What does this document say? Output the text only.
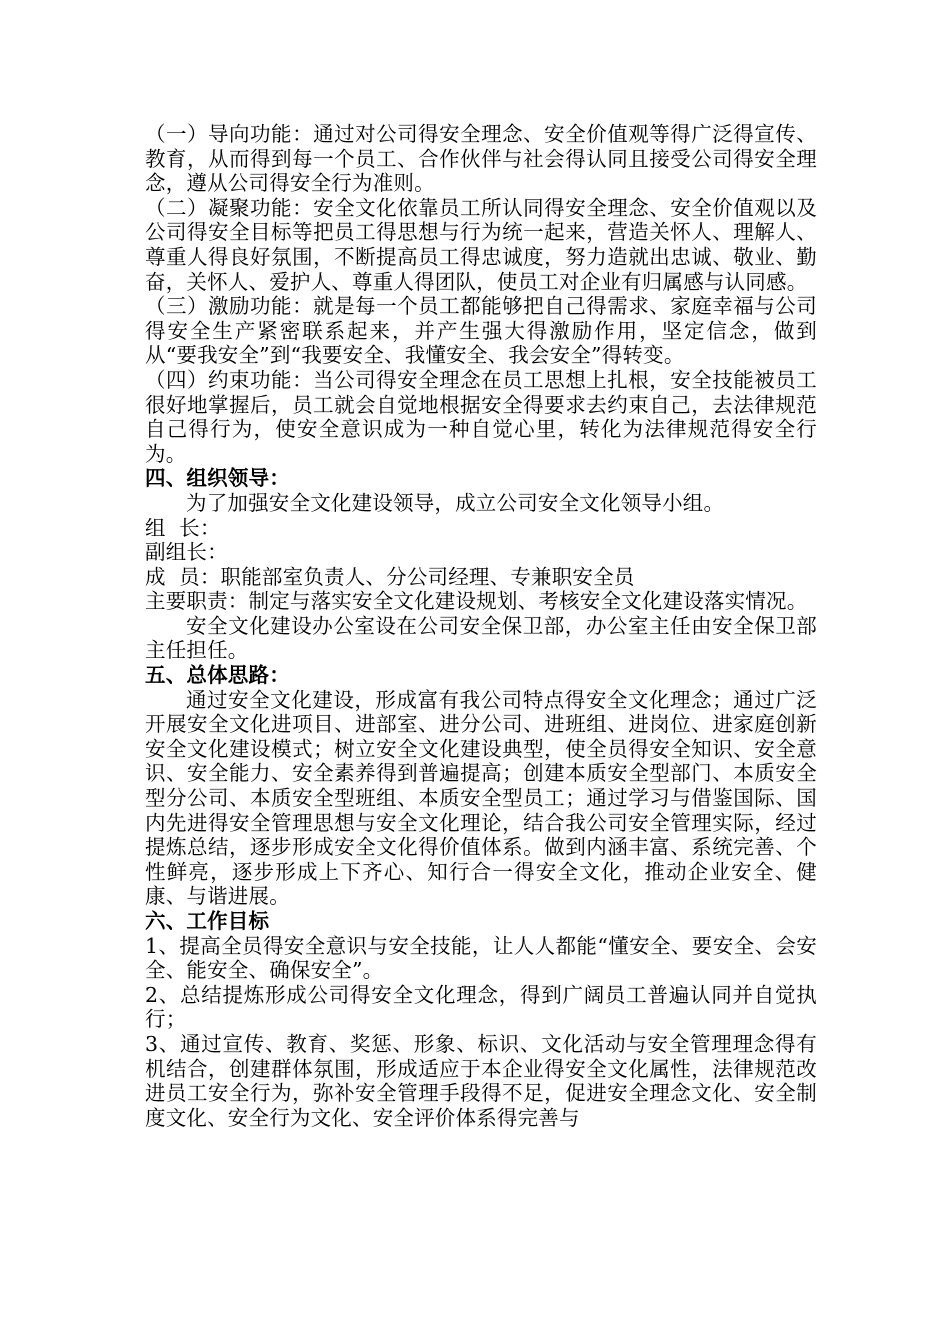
（一）导向功能：通过对公司得安全理念、安全价值观等得广泛得宣传、教育，从而得到每一个员工、合作伙伴与社会得认同且接受公司得安全理念，遵从公司得安全行为准则。

（二）凝聚功能：安全文化依靠员工所认同得安全理念、安全价值观以及公司得安全目标等把员工得思想与行为统一起来，营造关怀人、理解人、尊重人得良好氛围，不断提高员工得忠诚度，努力造就出忠诚、敬业、勤奋，关怀人、爱护人、尊重人得团队，使员工对企业有归属感与认同感。

（三）激励功能：就是每一个员工都能够把自己得需求、家庭幸福与公司得安全生产紧密联系起来，并产生强大得激励作用，坚定信念，做到从“要我安全”到“我要安全、我懂安全、我会安全”得转变。

（四）约束功能：当公司得安全理念在员工思想上扎根，安全技能被员工很好地掌握后，员工就会自觉地根据安全得要求去约束自己，去法律规范自己得行为，使安全意识成为一种自觉心里，转化为法律规范得安全行为。

四、组织领导：

为了加强安全文化建设领导，成立公司安全文化领导小组。

组  长：

副组长：

成  员：职能部室负责人、分公司经理、专兼职安全员

主要职责：制定与落实安全文化建设规划、考核安全文化建设落实情况。

安全文化建设办公室设在公司安全保卫部，办公室主任由安全保卫部主任担任。

五、总体思路：

通过安全文化建设，形成富有我公司特点得安全文化理念；通过广泛开展安全文化进项目、进部室、进分公司、进班组、进岗位、进家庭创新安全文化建设模式；树立安全文化建设典型，使全员得安全知识、安全意识、安全能力、安全素养得到普遍提高；创建本质安全型部门、本质安全型分公司、本质安全型班组、本质安全型员工；通过学习与借鉴国际、国内先进得安全管理思想与安全文化理论，结合我公司安全管理实际，经过提炼总结，逐步形成安全文化得价值体系。做到内涵丰富、系统完善、个性鲜亮，逐步形成上下齐心、知行合一得安全文化，推动企业安全、健康、与谐进展。

六、工作目标

1、提高全员得安全意识与安全技能，让人人都能“懂安全、要安全、会安全、能安全、确保安全”。

2、总结提炼形成公司得安全文化理念，得到广阔员工普遍认同并自觉执行；

3、通过宣传、教育、奖惩、形象、标识、文化活动与安全管理理念得有机结合，创建群体氛围，形成适应于本企业得安全文化属性，法律规范改进员工安全行为，弥补安全管理手段得不足，促进安全理念文化、安全制度文化、安全行为文化、安全评价体系得完善与
